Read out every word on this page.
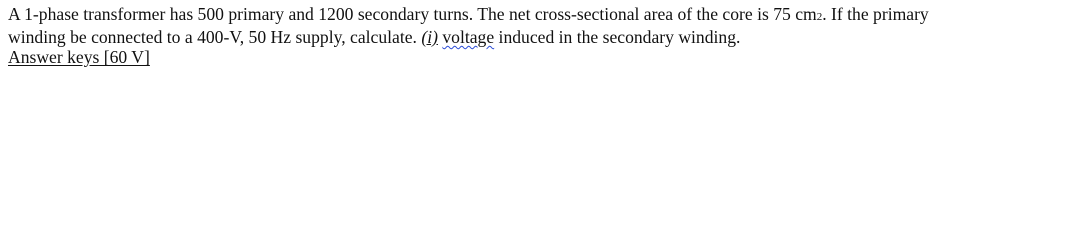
A 1-phase transformer has 500 primary and 1200 secondary turns. The net cross-sectional area of the core is 75 cm2. If the primary
winding be connected to a 400-V, 50 Hz supply, calculate. (i) voltage induced in the secondary winding.
Answer keys [60 V]
